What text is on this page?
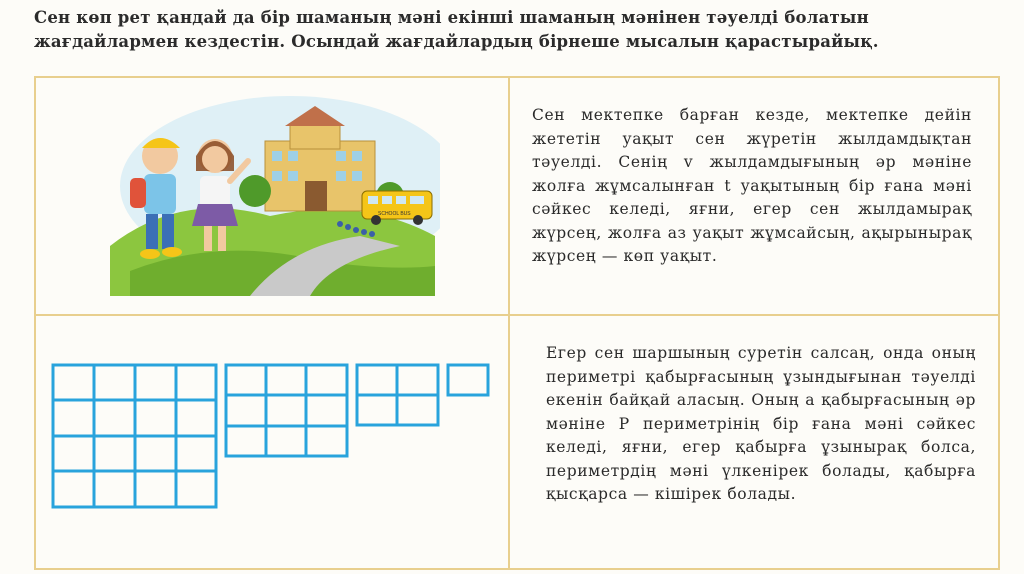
Сен көп рет қандай да бір шаманың мәні екінші шаманың мәнінен тәуелді болатын жағдайлармен кездестін. Осындай жағдайлардың бірнеше мысалын қарастырайық.
SCHOOL BUS
Сен мектепке барған кезде, мектепке дейін жететін уақыт сен жүретін жылдамдықтан тәуелді. Сенің v жылдамдығының әр мәніне жолға жұмсалынған t уақытының бір ғана мәні сәйкес келеді, яғни, егер сен жылдамырақ жүрсең, жолға аз уақыт жұмсайсың, ақырынырақ жүрсең — көп уақыт.
Егер сен шаршының суретін салсаң, онда оның периметрі қабырғасының ұзындығынан тәуелді екенін байқай аласың. Оның a қабырғасының әр мәніне P периметрінің бір ғана мәні сәйкес келеді, яғни, егер қабырға ұзынырақ болса, периметрдің мәні үлкенірек болады, қабырға қысқарса — кішірек болады.
